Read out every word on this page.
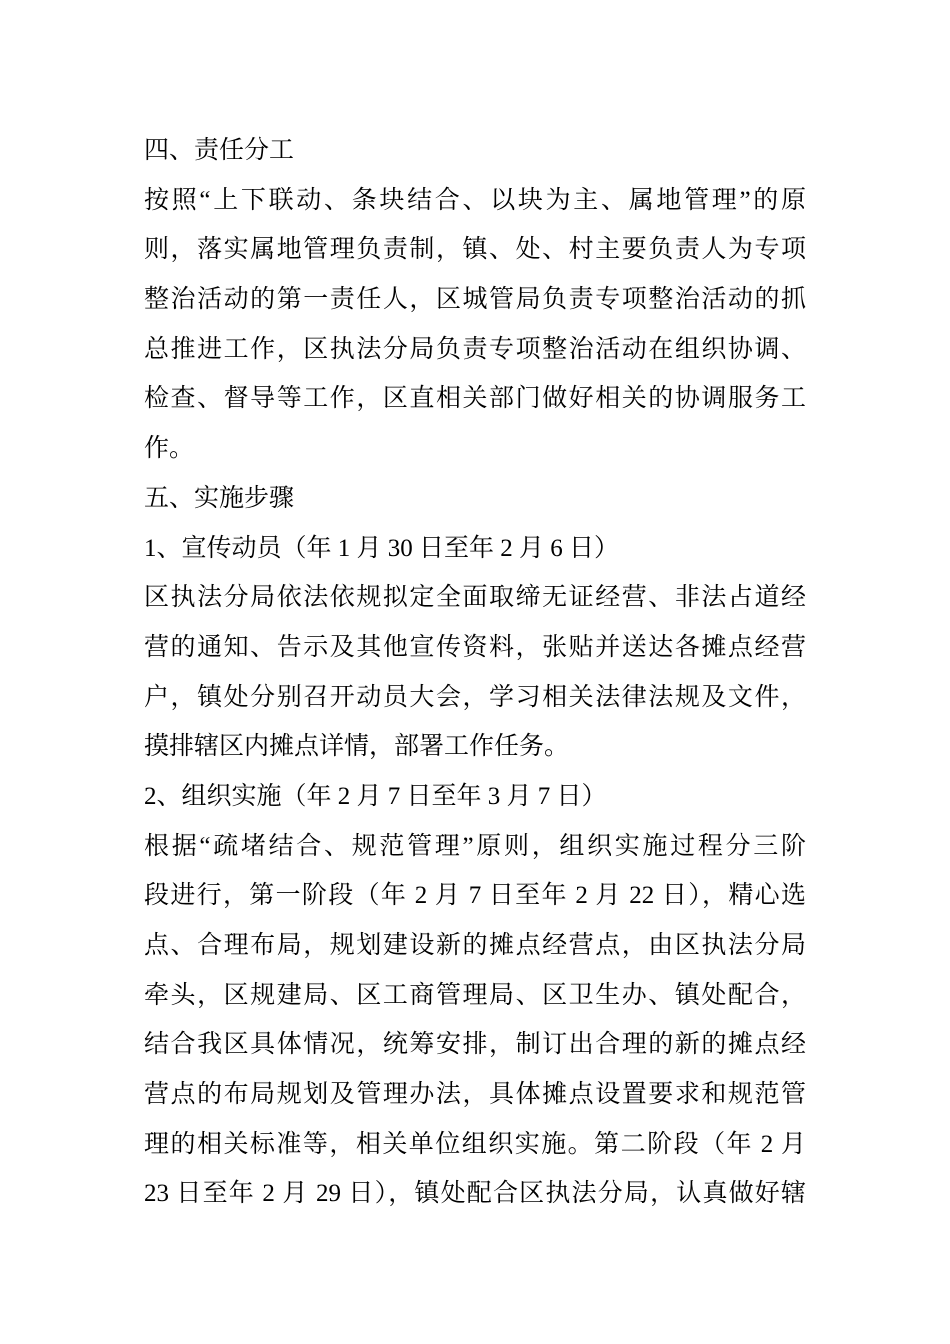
四、责任分工
按照“上下联动、条块结合、以块为主、属地管理”的原
则，落实属地管理负责制，镇、处、村主要负责人为专项
整治活动的第一责任人，区城管局负责专项整治活动的抓
总推进工作，区执法分局负责专项整治活动在组织协调、
检查、督导等工作，区直相关部门做好相关的协调服务工
作。
五、实施步骤
1、宣传动员（年 1 月 30 日至年 2 月 6 日）
区执法分局依法依规拟定全面取缔无证经营、非法占道经
营的通知、告示及其他宣传资料，张贴并送达各摊点经营
户，镇处分别召开动员大会，学习相关法律法规及文件，
摸排辖区内摊点详情，部署工作任务。
2、组织实施（年 2 月 7 日至年 3 月 7 日）
根据“疏堵结合、规范管理”原则，组织实施过程分三阶
段进行，第一阶段（年 2 月 7 日至年 2 月 22 日），精心选
点、合理布局，规划建设新的摊点经营点，由区执法分局
牵头，区规建局、区工商管理局、区卫生办、镇处配合，
结合我区具体情况，统筹安排，制订出合理的新的摊点经
营点的布局规划及管理办法，具体摊点设置要求和规范管
理的相关标准等，相关单位组织实施。第二阶段（年 2 月
23 日至年 2 月 29 日），镇处配合区执法分局，认真做好辖
